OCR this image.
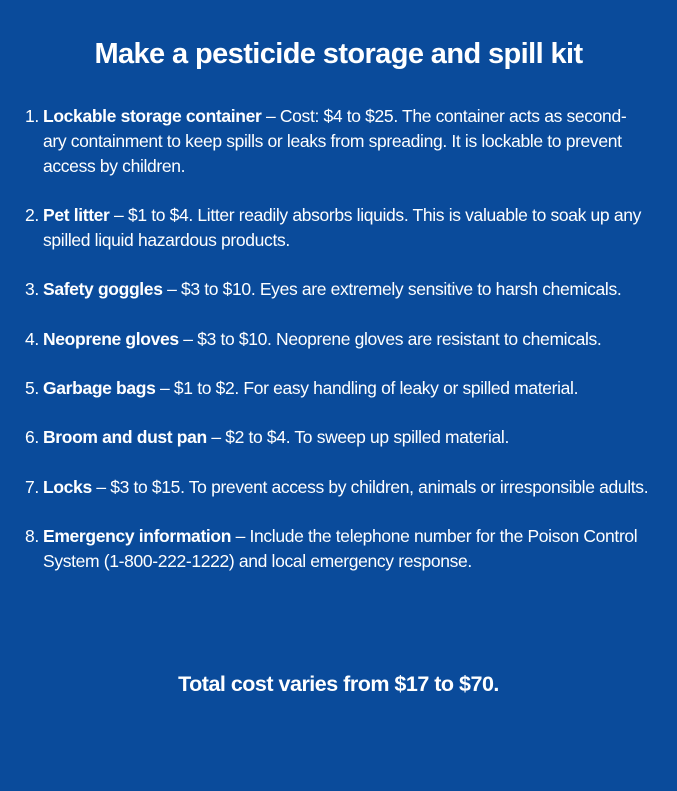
Make a pesticide storage and spill kit
1. Lockable storage container – Cost: $4 to $25. The container acts as second-ary containment to keep spills or leaks from spreading. It is lockable to prevent access by children.
2. Pet litter – $1 to $4. Litter readily absorbs liquids. This is valuable to soak up any spilled liquid hazardous products.
3. Safety goggles – $3 to $10. Eyes are extremely sensitive to harsh chemicals.
4. Neoprene gloves – $3 to $10. Neoprene gloves are resistant to chemicals.
5. Garbage bags – $1 to $2. For easy handling of leaky or spilled material.
6. Broom and dust pan – $2 to $4. To sweep up spilled material.
7. Locks – $3 to $15. To prevent access by children, animals or irresponsible adults.
8. Emergency information – Include the telephone number for the Poison Control System (1-800-222-1222) and local emergency response.

Total cost varies from $17 to $70.
